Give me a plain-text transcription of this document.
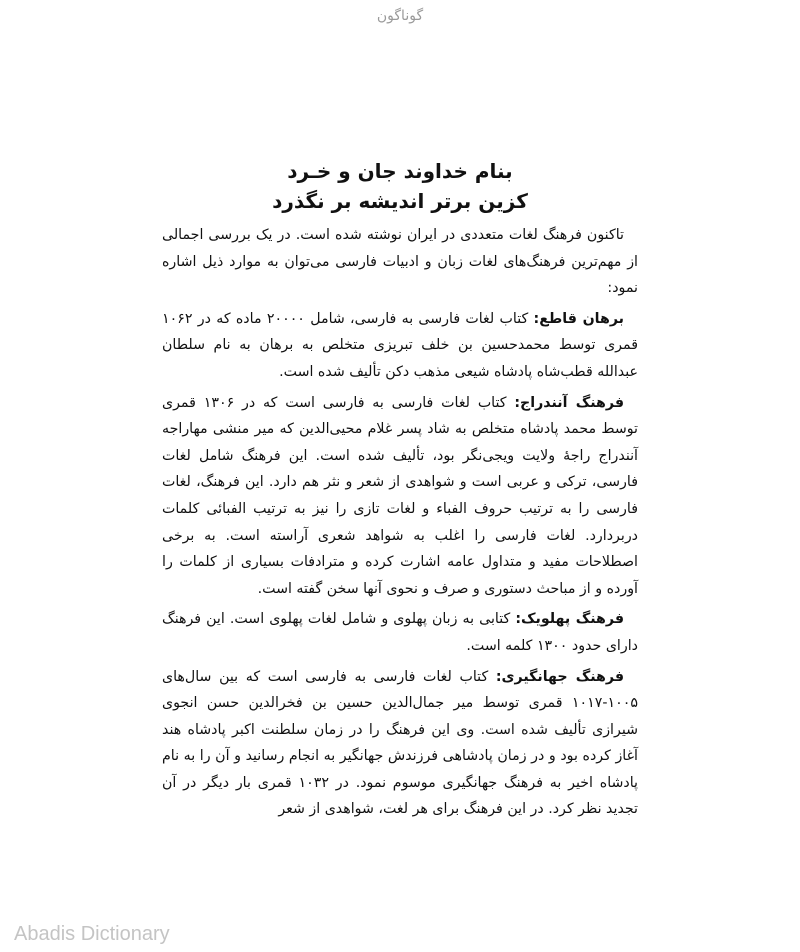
گوناگون
بنام خداوند جان و خـرد
کزین برتر اندیشه بر نگذرد

تاکنون فرهنگ لغات متعددی در ایران نوشته شده است. در یک بررسی اجمالی از مهم‌ترین فرهنگ‌های لغات زبان و ادبیات فارسی می‌توان به موارد ذیل اشاره نمود:

برهان قاطع: کتاب لغات فارسی به فارسی، شامل ۲۰۰۰۰ ماده که در ۱۰۶۲ قمری توسط محمدحسین بن خلف تبریزی متخلص به برهان به نام سلطان عبدالله قطب‌شاه پادشاه شیعی مذهب دکن تألیف شده است.

فرهنگ آنندراج: کتاب لغات فارسی به فارسی است که در ۱۳۰۶ قمری توسط محمد پادشاه متخلص به شاد پسر غلام محیی‌الدین که میر منشی مهاراجه آنندراج راجهٔ ولایت ویجی‌نگر بود، تألیف شده است. این فرهنگ شامل لغات فارسی، ترکی و عربی است و شواهدی از شعر و نثر هم دارد. این فرهنگ، لغات فارسی را به ترتیب حروف الفباء و لغات تازی را نیز به ترتیب الفبائی کلمات دربردارد. لغات فارسی را اغلب به شواهد شعری آراسته است. به برخی اصطلاحات مفید و متداول عامه اشارت کرده و مترادفات بسیاری از کلمات را آورده و از مباحث دستوری و صرف و نحوی آنها سخن گفته است.

فرهنگ پهلویک: کتابی به زبان پهلوی و شامل لغات پهلوی است. این فرهنگ دارای حدود ۱۳۰۰ کلمه است.

فرهنگ جهانگیری: کتاب لغات فارسی به فارسی است که بین سال‌های ۱۰۰۵-۱۰۱۷ قمری توسط میر جمال‌الدین حسین بن فخرالدین حسن انجوی شیرازی تألیف شده است. وی این فرهنگ را در زمان سلطنت اکبر پادشاه هند آغاز کرده بود و در زمان پادشاهی فرزندش جهانگیر به انجام رسانید و آن را به نام پادشاه اخیر به فرهنگ جهانگیری موسوم نمود. در ۱۰۳۲ قمری بار دیگر در آن تجدید نظر کرد. در این فرهنگ برای هر لغت، شواهدی از شعر

Abadis Dictionary
